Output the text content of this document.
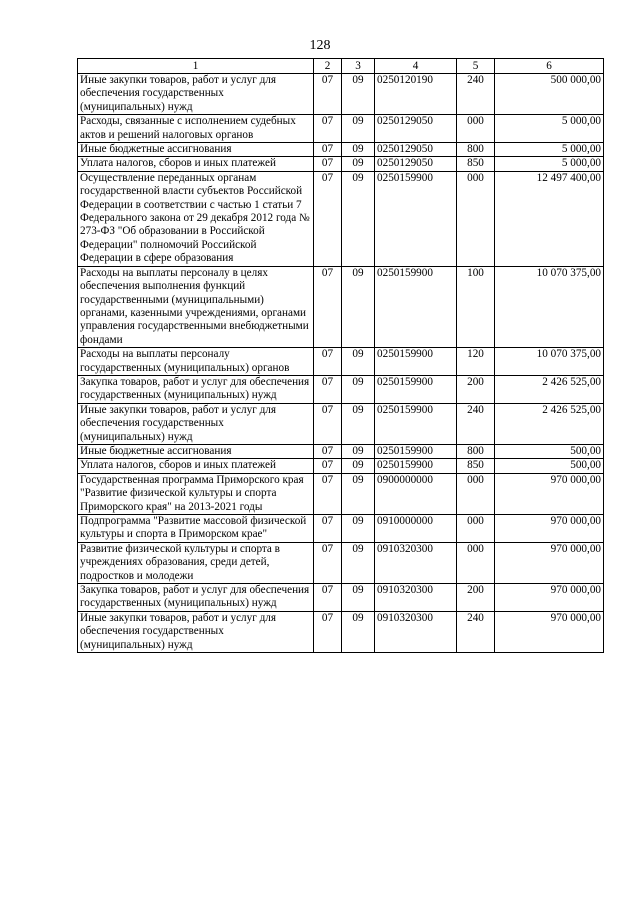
128
1	2	3	4	5	6
Иные закупки товаров, работ и услуг для обеспечения государственных (муниципальных) нужд	07	09	0250120190	240	500 000,00
Расходы, связанные с исполнением судебных актов и решений налоговых органов	07	09	0250129050	000	5 000,00
Иные бюджетные ассигнования	07	09	0250129050	800	5 000,00
Уплата налогов, сборов и иных платежей	07	09	0250129050	850	5 000,00
Осуществление переданных органам государственной власти субъектов Российской Федерации в соответствии с частью 1 статьи 7 Федерального закона от 29 декабря 2012 года № 273-ФЗ "Об образовании в Российской Федерации" полномочий Российской Федерации в сфере образования	07	09	0250159900	000	12 497 400,00
Расходы на выплаты персоналу в целях обеспечения выполнения функций государственными (муниципальными) органами, казенными учреждениями, органами управления государственными внебюджетными фондами	07	09	0250159900	100	10 070 375,00
Расходы на выплаты персоналу государственных (муниципальных) органов	07	09	0250159900	120	10 070 375,00
Закупка товаров, работ и услуг для обеспечения государственных (муниципальных) нужд	07	09	0250159900	200	2 426 525,00
Иные закупки товаров, работ и услуг для обеспечения государственных (муниципальных) нужд	07	09	0250159900	240	2 426 525,00
Иные бюджетные ассигнования	07	09	0250159900	800	500,00
Уплата налогов, сборов и иных платежей	07	09	0250159900	850	500,00
Государственная программа Приморского края "Развитие физической культуры и спорта Приморского края" на 2013-2021 годы	07	09	0900000000	000	970 000,00
Подпрограмма "Развитие массовой физической культуры и спорта в Приморском крае"	07	09	0910000000	000	970 000,00
Развитие физической культуры и спорта в учреждениях образования, среди детей, подростков и молодежи	07	09	0910320300	000	970 000,00
Закупка товаров, работ и услуг для обеспечения государственных (муниципальных) нужд	07	09	0910320300	200	970 000,00
Иные закупки товаров, работ и услуг для обеспечения государственных (муниципальных) нужд	07	09	0910320300	240	970 000,00
